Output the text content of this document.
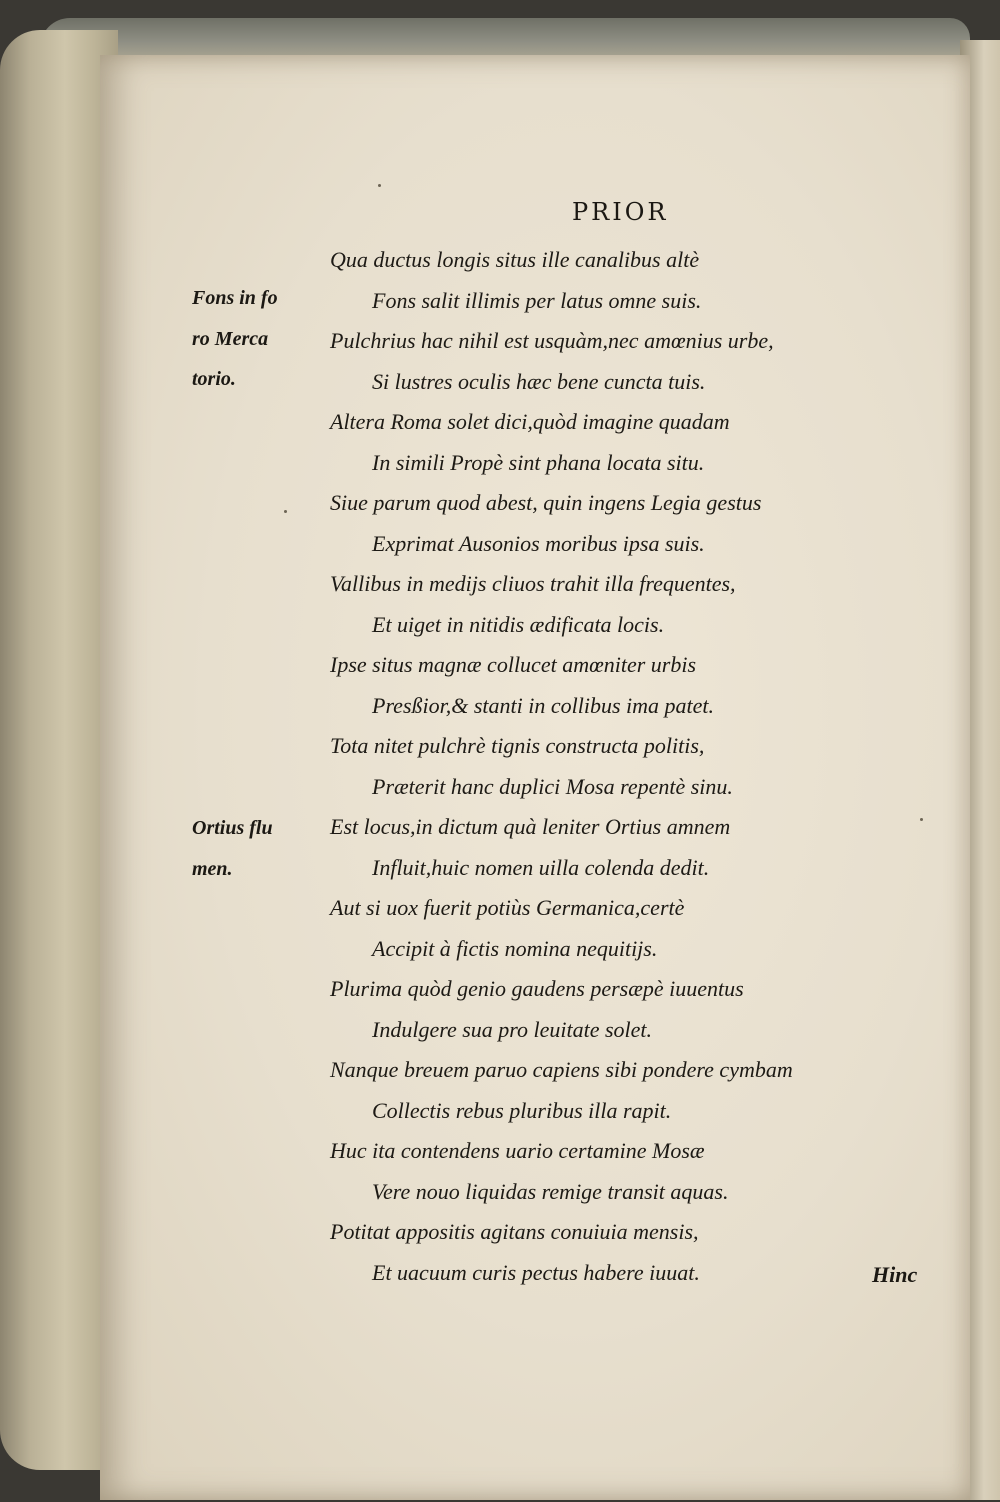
PRIOR
Fons in fo
ro Merca
torio.
Ortius flu
men.
Qua ductus longis situs ille canalibus altè
Fons salit illimis per latus omne suis.
Pulchrius hac nihil est usquàm,nec amœnius urbe,
Si lustres oculis hæc bene cuncta tuis.
Altera Roma solet dici,quòd imagine quadam
In simili Propè sint phana locata situ.
Siue parum quod abest, quin ingens Legia gestus
Exprimat Ausonios moribus ipsa suis.
Vallibus in medijs cliuos trahit illa frequentes,
Et uiget in nitidis ædificata locis.
Ipse situs magnæ collucet amœniter urbis
Presßior,& stanti in collibus ima patet.
Tota nitet pulchrè tignis constructa politis,
Præterit hanc duplici Mosa repentè sinu.
Est locus,in dictum quà leniter Ortius amnem
Influit,huic nomen uilla colenda dedit.
Aut si uox fuerit potiùs Germanica,certè
Accipit à fictis nomina nequitijs.
Plurima quòd genio gaudens persæpè iuuentus
Indulgere sua pro leuitate solet.
Nanque breuem paruo capiens sibi pondere cymbam
Collectis rebus pluribus illa rapit.
Huc ita contendens uario certamine Mosæ
Vere nouo liquidas remige transit aquas.
Potitat appositis agitans conuiuia mensis,
Et uacuum curis pectus habere iuuat.	Hinc
